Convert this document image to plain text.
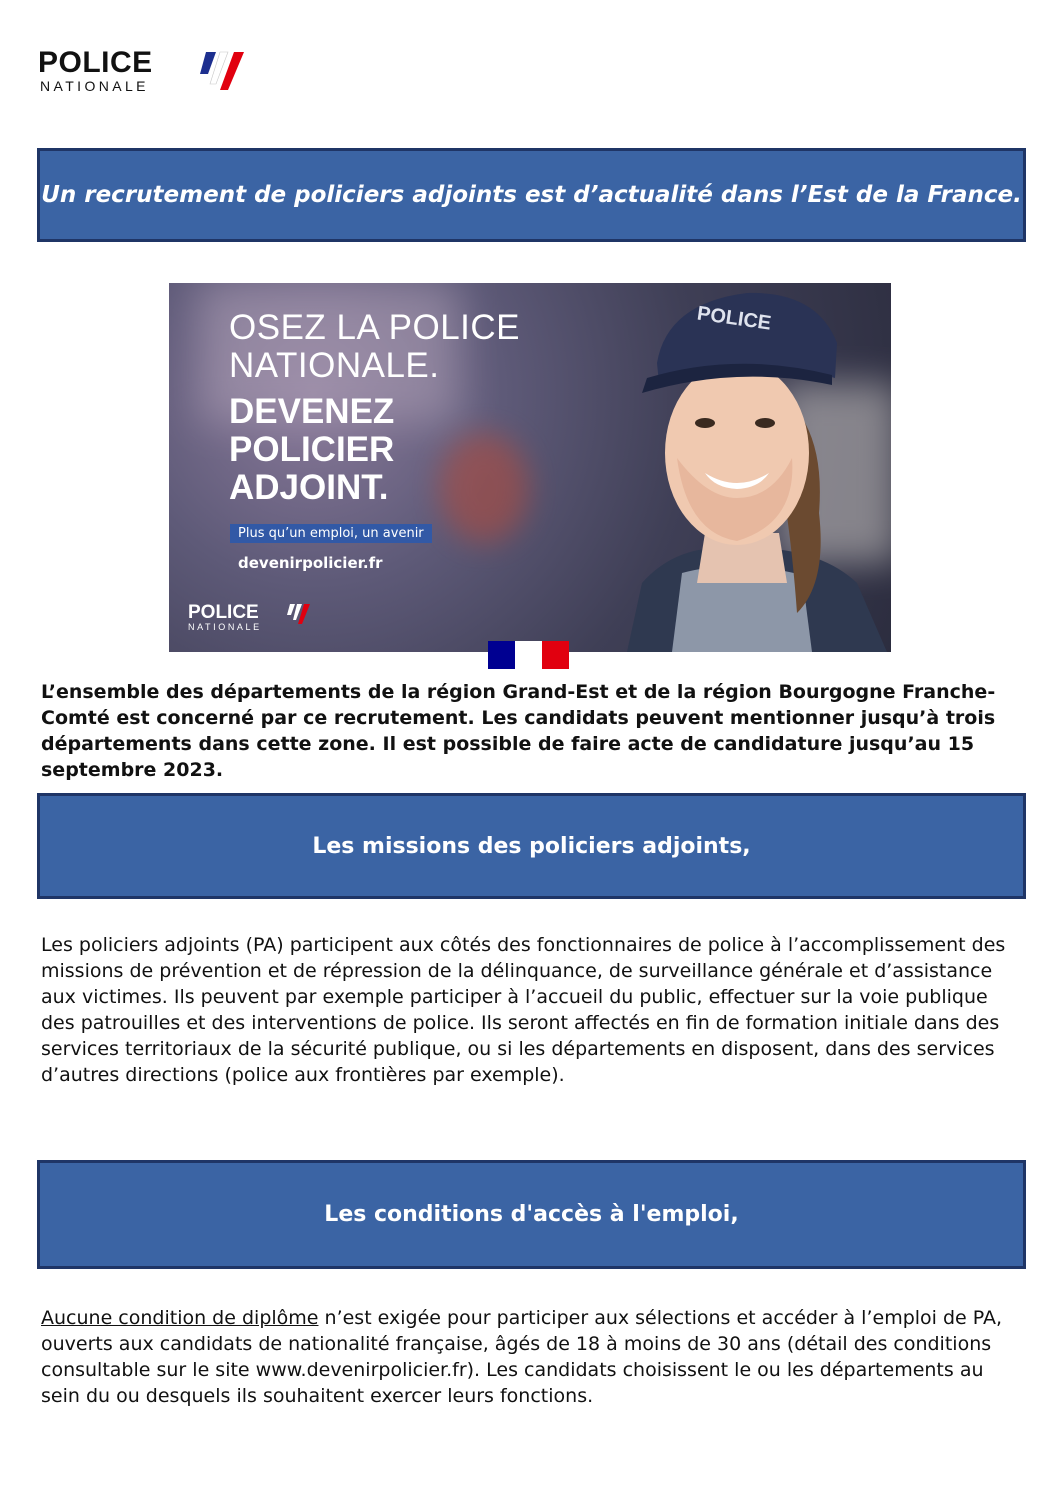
POLICE
NATIONALE
Un recrutement de policiers adjoints est d’actualité dans l’Est de la France.
POLICE
OSEZ LA POLICE
NATIONALE.
DEVENEZ
POLICIER
ADJOINT.
Plus qu’un emploi, un avenir
devenirpolicier.fr
POLICE
NATIONALE
L’ensemble des départements de la région Grand-Est et de la région Bourgogne Franche-Comté est concerné par ce recrutement. Les candidats peuvent mentionner jusqu’à trois départements dans cette zone. Il est possible de faire acte de candidature jusqu’au 15 septembre 2023.
Les missions des policiers adjoints,
Les policiers adjoints (PA) participent aux côtés des fonctionnaires de police à l’accomplissement des missions de prévention et de répression de la délinquance, de surveillance générale et d’assistance aux victimes. Ils peuvent par exemple participer à l’accueil du public, effectuer sur la voie publique des patrouilles et des interventions de police. Ils seront affectés en fin de formation initiale dans des services territoriaux de la sécurité publique, ou si les départements en disposent, dans des services d’autres directions (police aux frontières par exemple).
Les conditions d'accès à l'emploi,
Aucune condition de diplôme n’est exigée pour participer aux sélections et accéder à l’emploi de PA, ouverts aux candidats de nationalité française, âgés de 18 à moins de 30 ans (détail des conditions consultable sur le site www.devenirpolicier.fr). Les candidats choisissent le ou les départements au sein du ou desquels ils souhaitent exercer leurs fonctions.
